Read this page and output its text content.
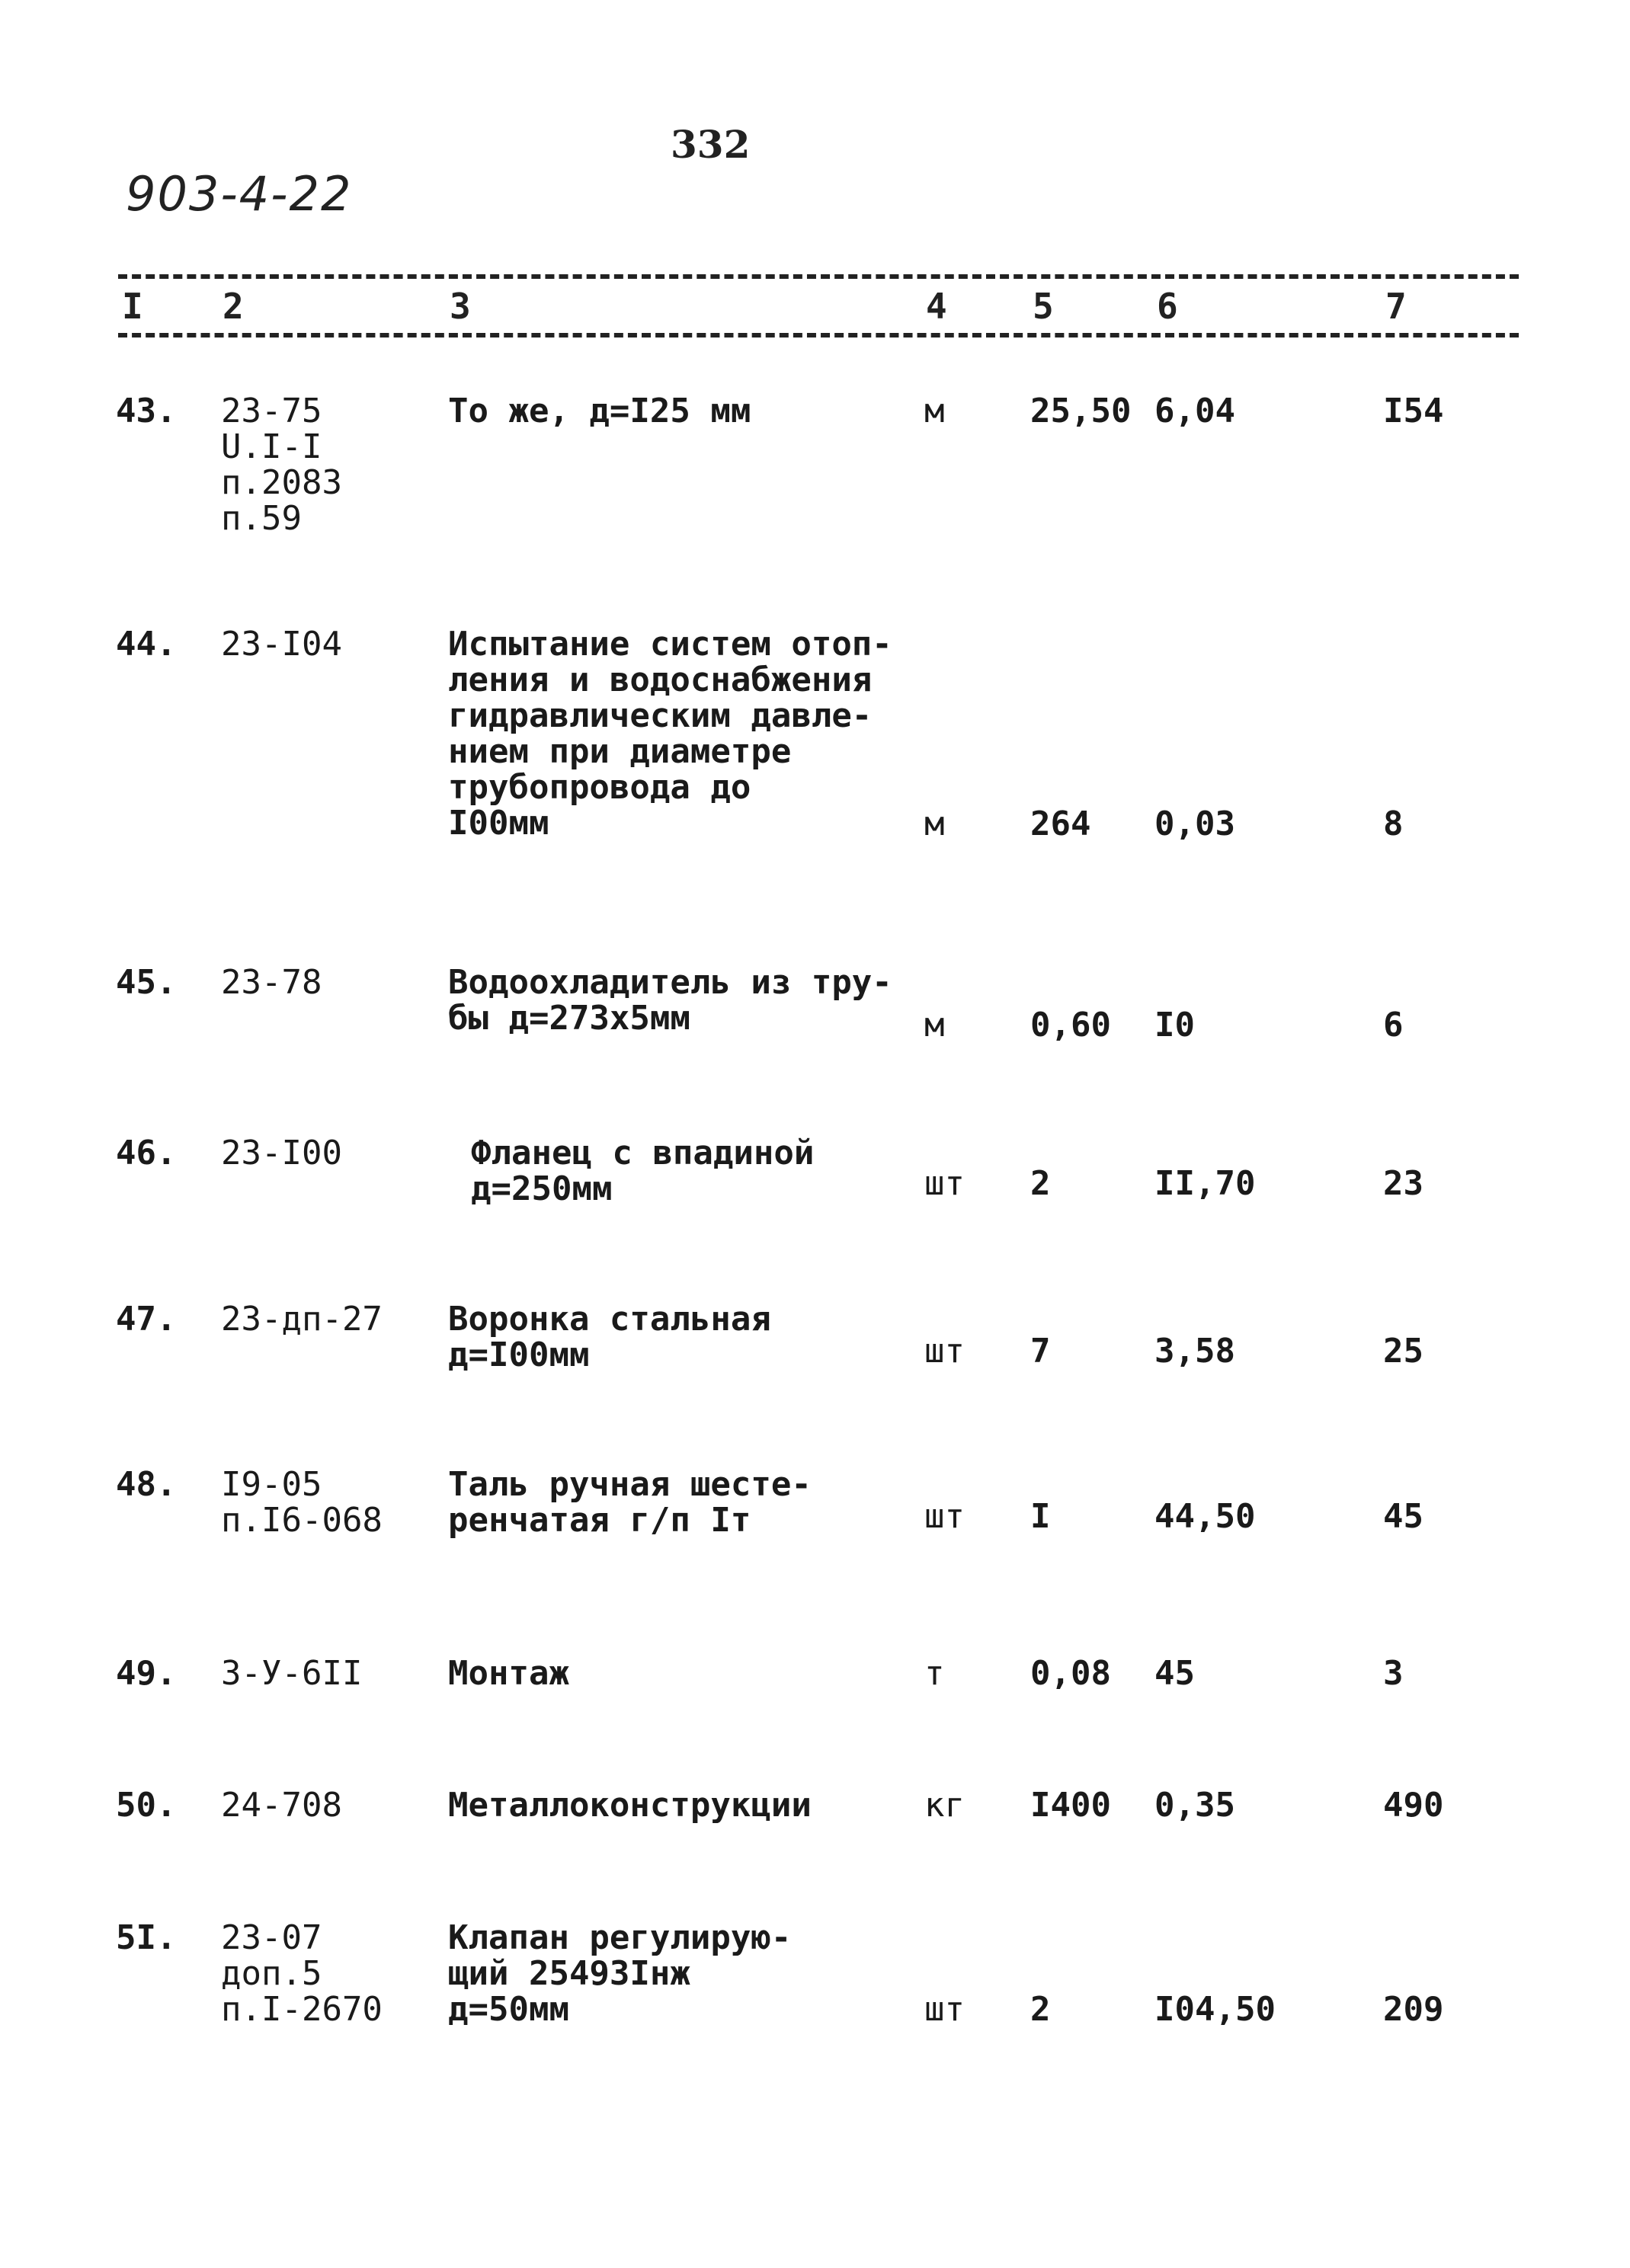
903-4-22
332
I 2	3	4 5	6	7
43. 23-75
U.I-I
п.2083
п.59
То же, д=I25 мм	м	25,50 6,04	I54
44. 23-I04	Испытание систем отоп-
ления и водоснабжения
гидравлическим давле-
нием при диаметре
трубопровода до
I00мм	м	264 0,03	8
45. 23-78	Водоохладитель из тру-
бы д=273х5мм	м	0,60 I0	6
46. 23-I00	Фланец с впадиной
д=250мм	шт 2	II,70	23
47. 23-дп-27 Воронка стальная
д=I00мм	шт 7	3,58	25
48. I9-05
п.I6-068
Таль ручная шесте-
ренчатая г/п Iт	шт I	44,50	45
49. 3-У-6II	Монтаж	т	0,08 45	3
50. 24-708	Металлоконструкции	кг I400 0,35	490
5I. 23-07
доп.5
п.I-2670
Клапан регулирую-
щий 25493Iнж
д=50мм	шт 2	I04,50	209
